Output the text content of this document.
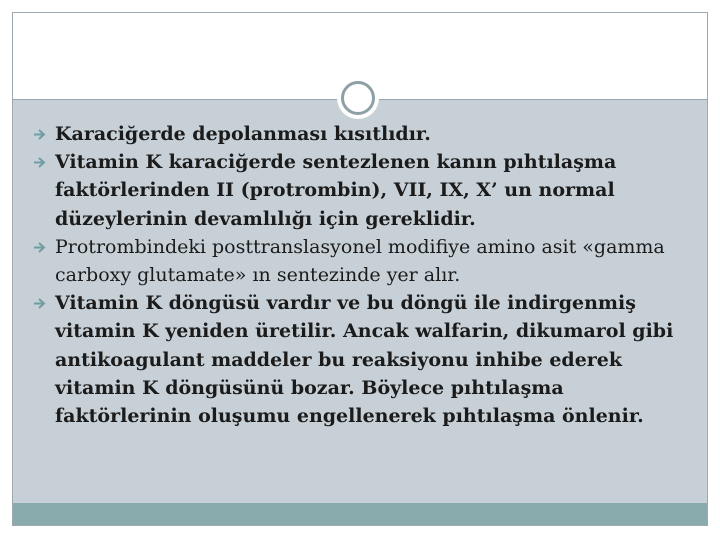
Karaciğerde depolanması kısıtlıdır.
Vitamin K karaciğerde sentezlenen kanın pıhtılaşma faktörlerinden II (protrombin), VII, IX, X’ un normal düzeylerinin devamlılığı için gereklidir.
Protrombindeki posttranslasyonel modifiye amino asit «gamma carboxy glutamate» ın sentezinde yer alır.
Vitamin K döngüsü vardır ve bu döngü ile indirgenmiş vitamin K yeniden üretilir. Ancak walfarin, dikumarol gibi antikoagulant maddeler bu reaksiyonu inhibe ederek vitamin K döngüsünü bozar. Böylece pıhtılaşma faktörlerinin oluşumu engellenerek pıhtılaşma önlenir.
